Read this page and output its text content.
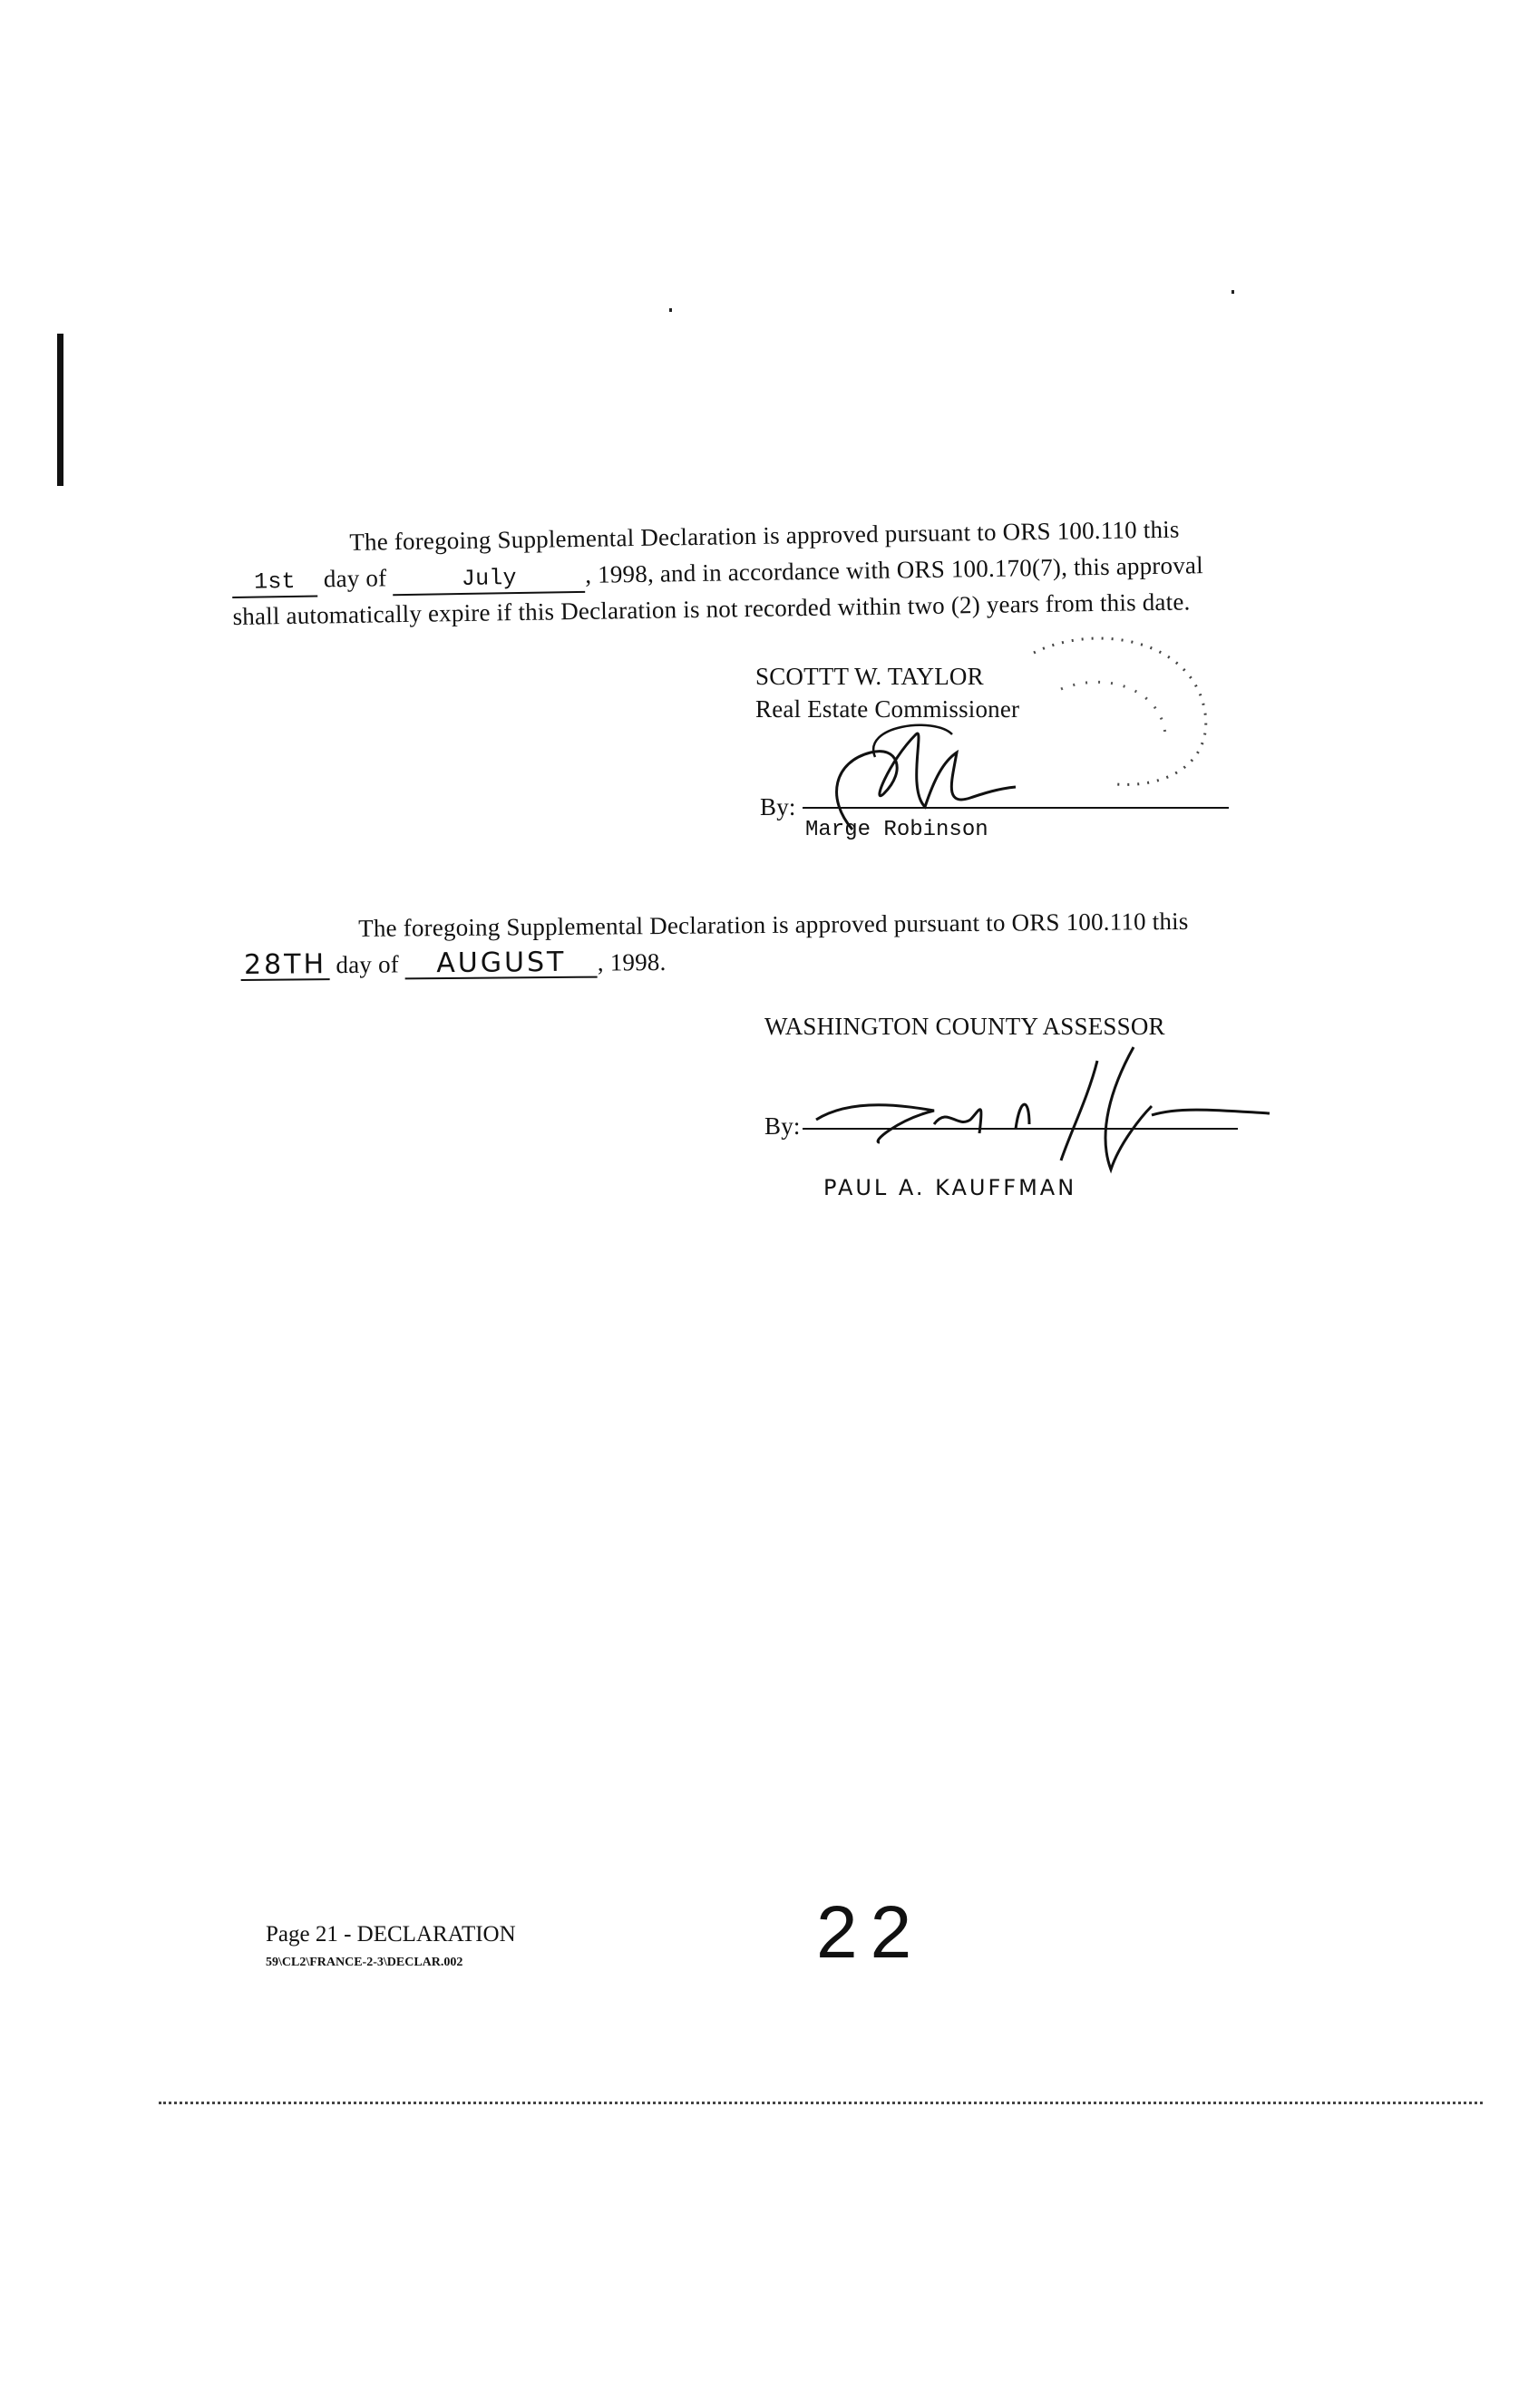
The foregoing Supplemental Declaration is approved pursuant to ORS 100.110 this
1st day of	July	, 1998, and in accordance with ORS 100.170(7), this approval
shall automatically expire if this Declaration is not recorded within two (2) years from this date.
SCOTTT W. TAYLOR
Real Estate Commissioner
By:
Marge Robinson
The foregoing Supplemental Declaration is approved pursuant to ORS 100.110 this
28TH day of AUGUST , 1998.
WASHINGTON COUNTY ASSESSOR
By:
PAUL A. KAUFFMAN
Page 21 - DECLARATION
59\CL2\FRANCE-2-3\DECLAR.002	22
